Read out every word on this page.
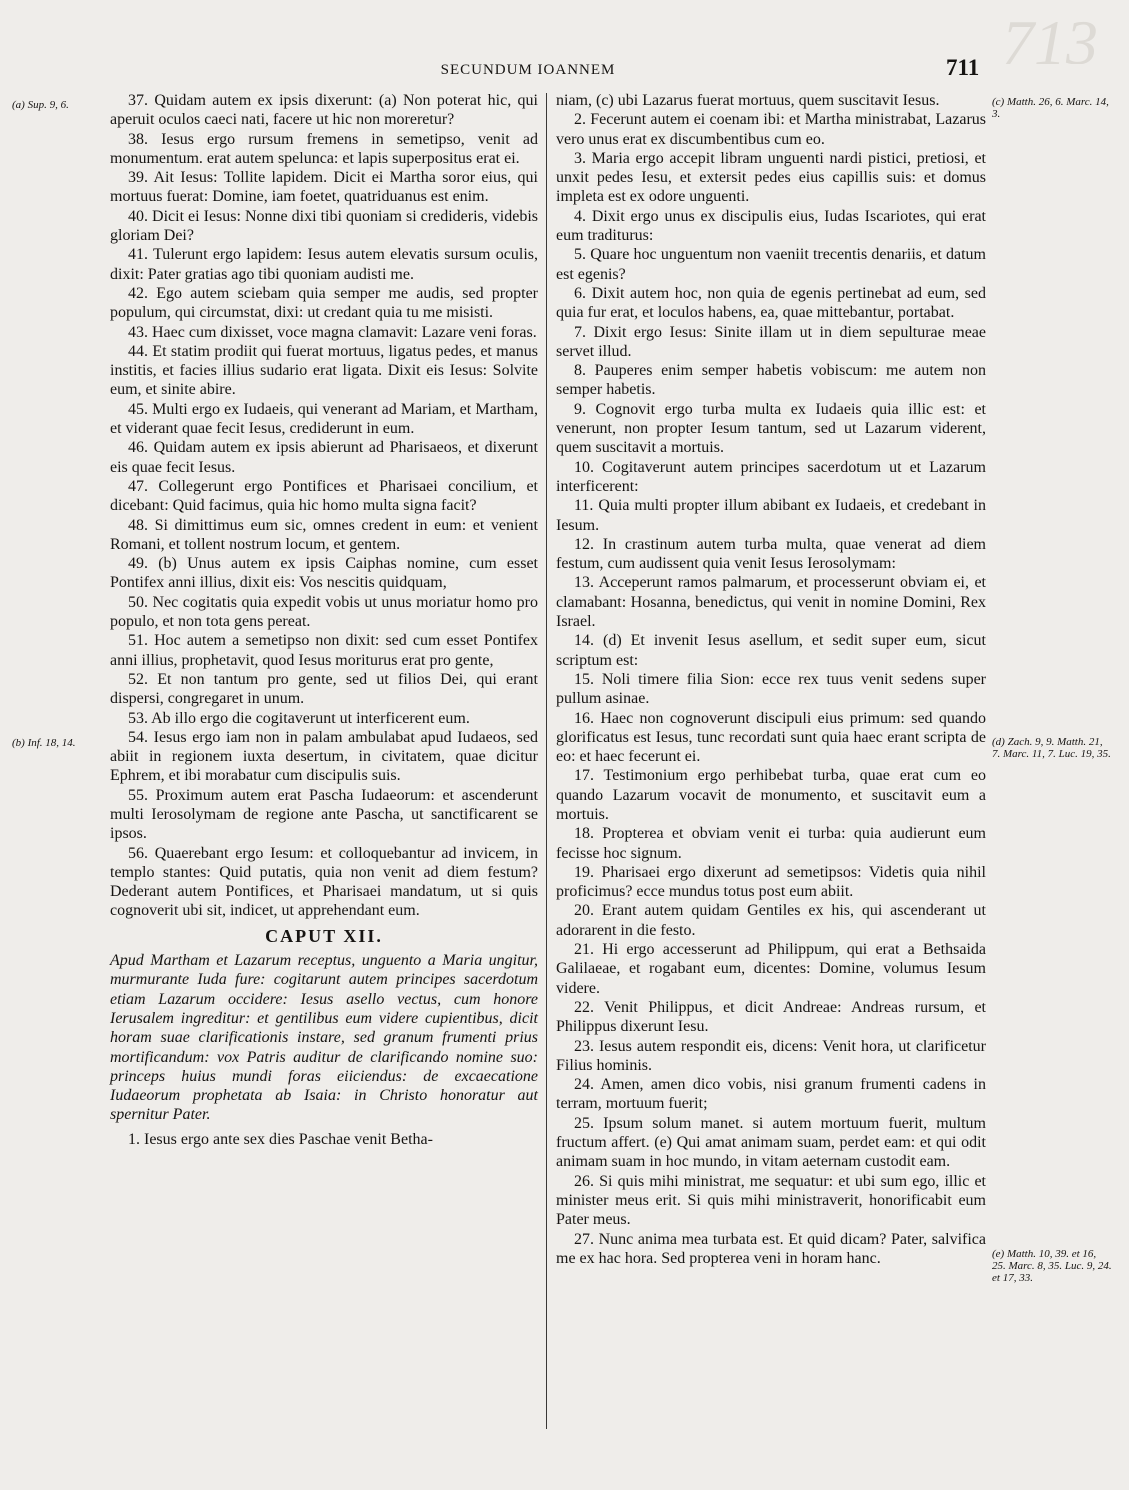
713
SECUNDUM IOANNEM	711
(a) Sup. 9, 6.
(b) Inf. 18, 14.
(c) Matth. 26, 6. Marc. 14, 3.
(d) Zach. 9, 9. Matth. 21, 7. Marc. 11, 7. Luc. 19, 35.
(e) Matth. 10, 39. et 16, 25. Marc. 8, 35. Luc. 9, 24. et 17, 33.

37. Quidam autem ex ipsis dixerunt: (a) Non poterat hic, qui aperuit oculos caeci nati, facere ut hic non moreretur?

38. Iesus ergo rursum fremens in semetipso, venit ad monumentum. erat autem spelunca: et lapis superpositus erat ei.

39. Ait Iesus: Tollite lapidem. Dicit ei Martha soror eius, qui mortuus fuerat: Domine, iam foetet, quatriduanus est enim.

40. Dicit ei Iesus: Nonne dixi tibi quoniam si credideris, videbis gloriam Dei?

41. Tulerunt ergo lapidem: Iesus autem elevatis sursum oculis, dixit: Pater gratias ago tibi quoniam audisti me.

42. Ego autem sciebam quia semper me audis, sed propter populum, qui circumstat, dixi: ut credant quia tu me misisti.

43. Haec cum dixisset, voce magna clamavit: Lazare veni foras.

44. Et statim prodiit qui fuerat mortuus, ligatus pedes, et manus institis, et facies illius sudario erat ligata. Dixit eis Iesus: Solvite eum, et sinite abire.

45. Multi ergo ex Iudaeis, qui venerant ad Mariam, et Martham, et viderant quae fecit Iesus, crediderunt in eum.

46. Quidam autem ex ipsis abierunt ad Pharisaeos, et dixerunt eis quae fecit Iesus.

47. Collegerunt ergo Pontifices et Pharisaei concilium, et dicebant: Quid facimus, quia hic homo multa signa facit?

48. Si dimittimus eum sic, omnes credent in eum: et venient Romani, et tollent nostrum locum, et gentem.

49. (b) Unus autem ex ipsis Caiphas nomine, cum esset Pontifex anni illius, dixit eis: Vos nescitis quidquam,

50. Nec cogitatis quia expedit vobis ut unus moriatur homo pro populo, et non tota gens pereat.

51. Hoc autem a semetipso non dixit: sed cum esset Pontifex anni illius, prophetavit, quod Iesus moriturus erat pro gente,

52. Et non tantum pro gente, sed ut filios Dei, qui erant dispersi, congregaret in unum.

53. Ab illo ergo die cogitaverunt ut interficerent eum.

54. Iesus ergo iam non in palam ambulabat apud Iudaeos, sed abiit in regionem iuxta desertum, in civitatem, quae dicitur Ephrem, et ibi morabatur cum discipulis suis.

55. Proximum autem erat Pascha Iudaeorum: et ascenderunt multi Ierosolymam de regione ante Pascha, ut sanctificarent se ipsos.

56. Quaerebant ergo Iesum: et colloquebantur ad invicem, in templo stantes: Quid putatis, quia non venit ad diem festum? Dederant autem Pontifices, et Pharisaei mandatum, ut si quis cognoverit ubi sit, indicet, ut apprehendant eum.

CAPUT XII.

Apud Martham et Lazarum receptus, unguento a Maria ungitur, murmurante Iuda fure: cogitarunt autem principes sacerdotum etiam Lazarum occidere: Iesus asello vectus, cum honore Ierusalem ingreditur: et gentilibus eum videre cupientibus, dicit horam suae clarificationis instare, sed granum frumenti prius mortificandum: vox Patris auditur de clarificando nomine suo: princeps huius mundi foras eiiciendus: de excaecatione Iudaeorum prophetata ab Isaia: in Christo honoratur aut spernitur Pater.

1. Iesus ergo ante sex dies Paschae venit Betha-

niam, (c) ubi Lazarus fuerat mortuus, quem suscitavit Iesus.

2. Fecerunt autem ei coenam ibi: et Martha ministrabat, Lazarus vero unus erat ex discumbentibus cum eo.

3. Maria ergo accepit libram unguenti nardi pistici, pretiosi, et unxit pedes Iesu, et extersit pedes eius capillis suis: et domus impleta est ex odore unguenti.

4. Dixit ergo unus ex discipulis eius, Iudas Iscariotes, qui erat eum traditurus:

5. Quare hoc unguentum non vaeniit trecentis denariis, et datum est egenis?

6. Dixit autem hoc, non quia de egenis pertinebat ad eum, sed quia fur erat, et loculos habens, ea, quae mittebantur, portabat.

7. Dixit ergo Iesus: Sinite illam ut in diem sepulturae meae servet illud.

8. Pauperes enim semper habetis vobiscum: me autem non semper habetis.

9. Cognovit ergo turba multa ex Iudaeis quia illic est: et venerunt, non propter Iesum tantum, sed ut Lazarum viderent, quem suscitavit a mortuis.

10. Cogitaverunt autem principes sacerdotum ut et Lazarum interficerent:

11. Quia multi propter illum abibant ex Iudaeis, et credebant in Iesum.

12. In crastinum autem turba multa, quae venerat ad diem festum, cum audissent quia venit Iesus Ierosolymam:

13. Acceperunt ramos palmarum, et processerunt obviam ei, et clamabant: Hosanna, benedictus, qui venit in nomine Domini, Rex Israel.

14. (d) Et invenit Iesus asellum, et sedit super eum, sicut scriptum est:

15. Noli timere filia Sion: ecce rex tuus venit sedens super pullum asinae.

16. Haec non cognoverunt discipuli eius primum: sed quando glorificatus est Iesus, tunc recordati sunt quia haec erant scripta de eo: et haec fecerunt ei.

17. Testimonium ergo perhibebat turba, quae erat cum eo quando Lazarum vocavit de monumento, et suscitavit eum a mortuis.

18. Propterea et obviam venit ei turba: quia audierunt eum fecisse hoc signum.

19. Pharisaei ergo dixerunt ad semetipsos: Videtis quia nihil proficimus? ecce mundus totus post eum abiit.

20. Erant autem quidam Gentiles ex his, qui ascenderant ut adorarent in die festo.

21. Hi ergo accesserunt ad Philippum, qui erat a Bethsaida Galilaeae, et rogabant eum, dicentes: Domine, volumus Iesum videre.

22. Venit Philippus, et dicit Andreae: Andreas rursum, et Philippus dixerunt Iesu.

23. Iesus autem respondit eis, dicens: Venit hora, ut clarificetur Filius hominis.

24. Amen, amen dico vobis, nisi granum frumenti cadens in terram, mortuum fuerit;

25. Ipsum solum manet. si autem mortuum fuerit, multum fructum affert. (e) Qui amat animam suam, perdet eam: et qui odit animam suam in hoc mundo, in vitam aeternam custodit eam.

26. Si quis mihi ministrat, me sequatur: et ubi sum ego, illic et minister meus erit. Si quis mihi ministraverit, honorificabit eum Pater meus.

27. Nunc anima mea turbata est. Et quid dicam? Pater, salvifica me ex hac hora. Sed propterea veni in horam hanc.
